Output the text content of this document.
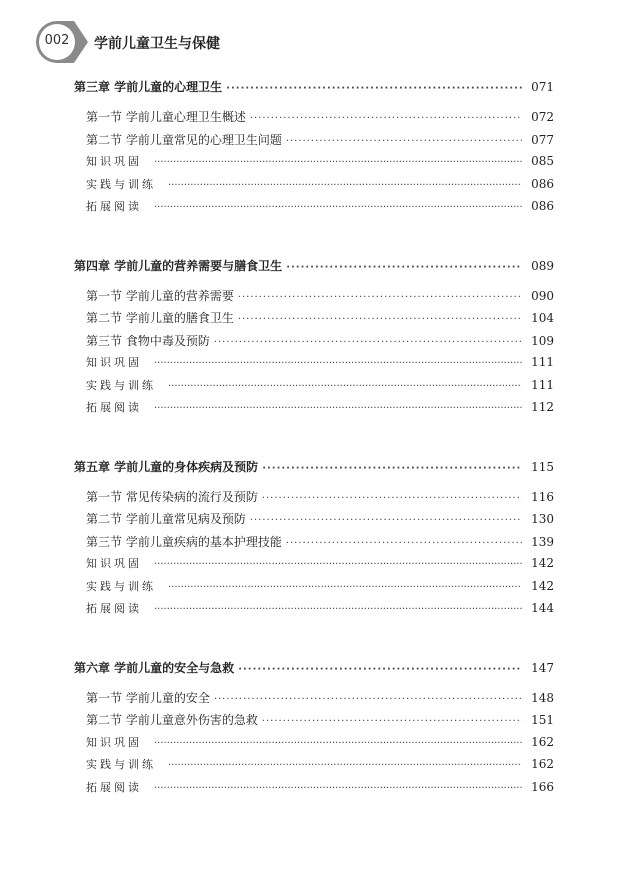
002	学前儿童卫生与保健
第三章 学前儿童的心理卫生 ·····	071
第一节 学前儿童心理卫生概述 ·····	072
第二节 学前儿童常见的心理卫生问题 ·····	077
知识巩固 ·····	085
实践与训练 ·····	086
拓展阅读 ·····	086
第四章 学前儿童的营养需要与膳食卫生 ·····	089
第一节 学前儿童的营养需要 ·····	090
第二节 学前儿童的膳食卫生 ·····	104
第三节 食物中毒及预防 ·····	109
知识巩固 ·····	111
实践与训练 ·····	111
拓展阅读 ·····	112
第五章 学前儿童的身体疾病及预防 ·····	115
第一节 常见传染病的流行及预防 ·····	116
第二节 学前儿童常见病及预防 ·····	130
第三节 学前儿童疾病的基本护理技能 ·····	139
知识巩固 ·····	142
实践与训练 ·····	142
拓展阅读 ·····	144
第六章 学前儿童的安全与急救 ·····	147
第一节 学前儿童的安全 ·····	148
第二节 学前儿童意外伤害的急救 ·····	151
知识巩固 ·····	162
实践与训练 ·····	162
拓展阅读 ·····	166
